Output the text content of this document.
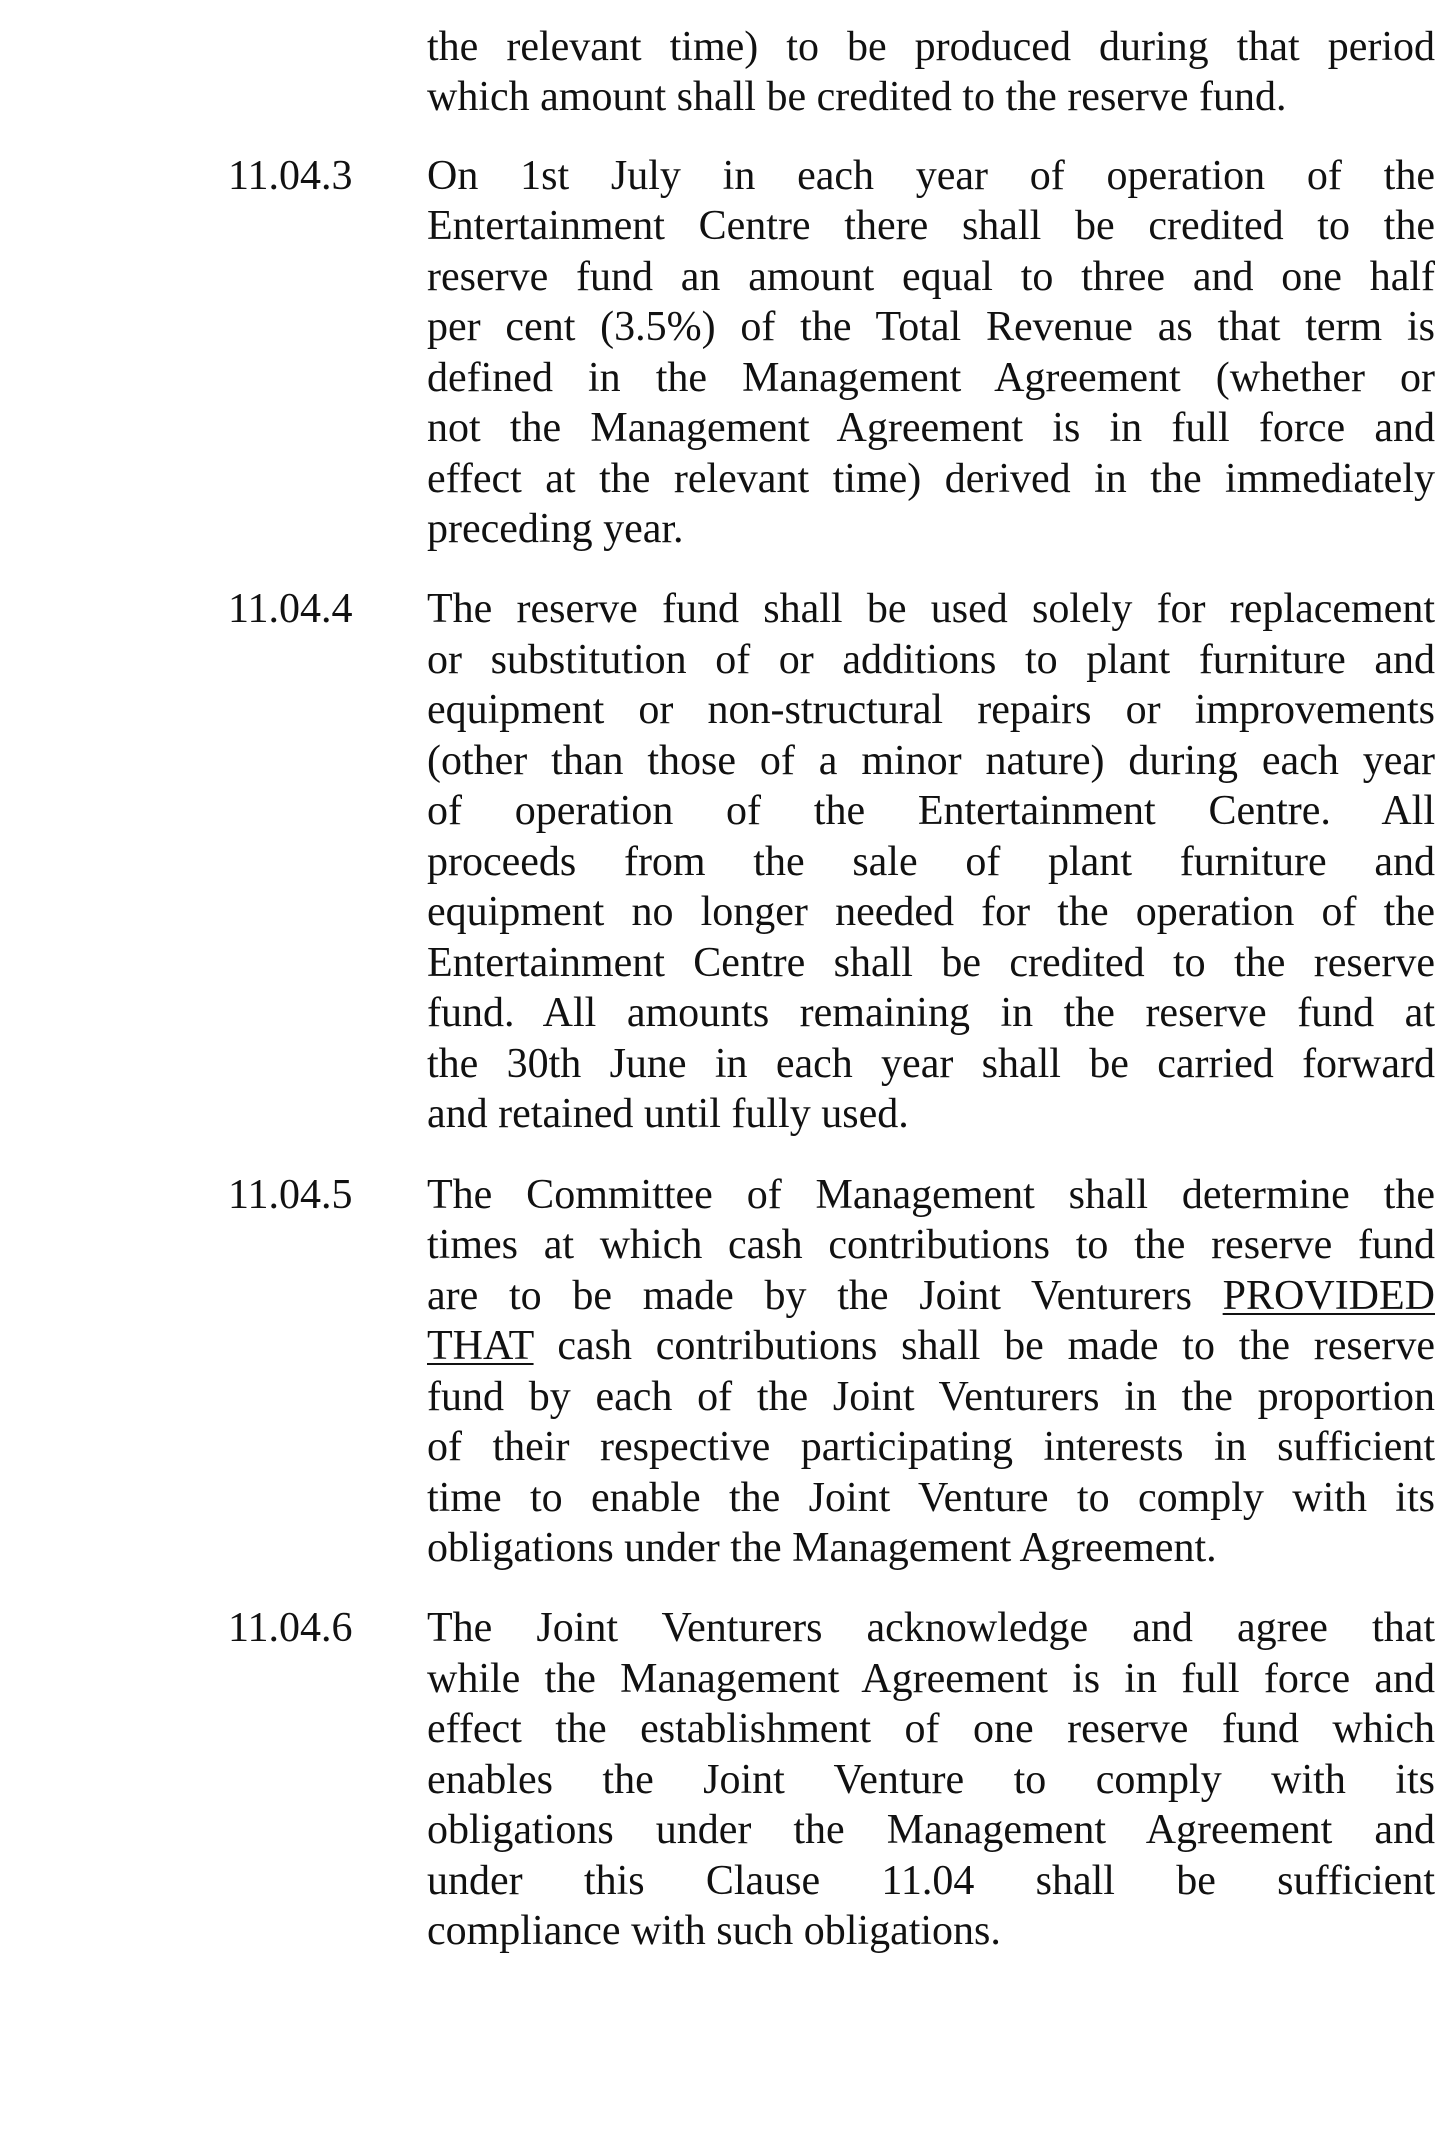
the relevant time) to be produced during that period
which amount shall be credited to the reserve fund.
11.04.3 On 1st July in each year of operation of the
Entertainment Centre there shall be credited to the
reserve fund an amount equal to three and one half
per cent (3.5%) of the Total Revenue as that term is
defined in the Management Agreement (whether or
not the Management Agreement is in full force and
effect at the relevant time) derived in the immediately
preceding year.
11.04.4 The reserve fund shall be used solely for replacement
or substitution of or additions to plant furniture and
equipment or non-structural repairs or improvements
(other than those of a minor nature) during each year
of operation of the Entertainment Centre. All
proceeds from the sale of plant furniture and
equipment no longer needed for the operation of the
Entertainment Centre shall be credited to the reserve
fund. All amounts remaining in the reserve fund at
the 30th June in each year shall be carried forward
and retained until fully used.
11.04.5 The Committee of Management shall determine the
times at which cash contributions to the reserve fund
are to be made by the Joint Venturers PROVIDED
THAT cash contributions shall be made to the reserve
fund by each of the Joint Venturers in the proportion
of their respective participating interests in sufficient
time to enable the Joint Venture to comply with its
obligations under the Management Agreement.
11.04.6 The Joint Venturers acknowledge and agree that
while the Management Agreement is in full force and
effect the establishment of one reserve fund which
enables the Joint Venture to comply with its
obligations under the Management Agreement and
under this Clause 11.04 shall be sufficient
compliance with such obligations.
